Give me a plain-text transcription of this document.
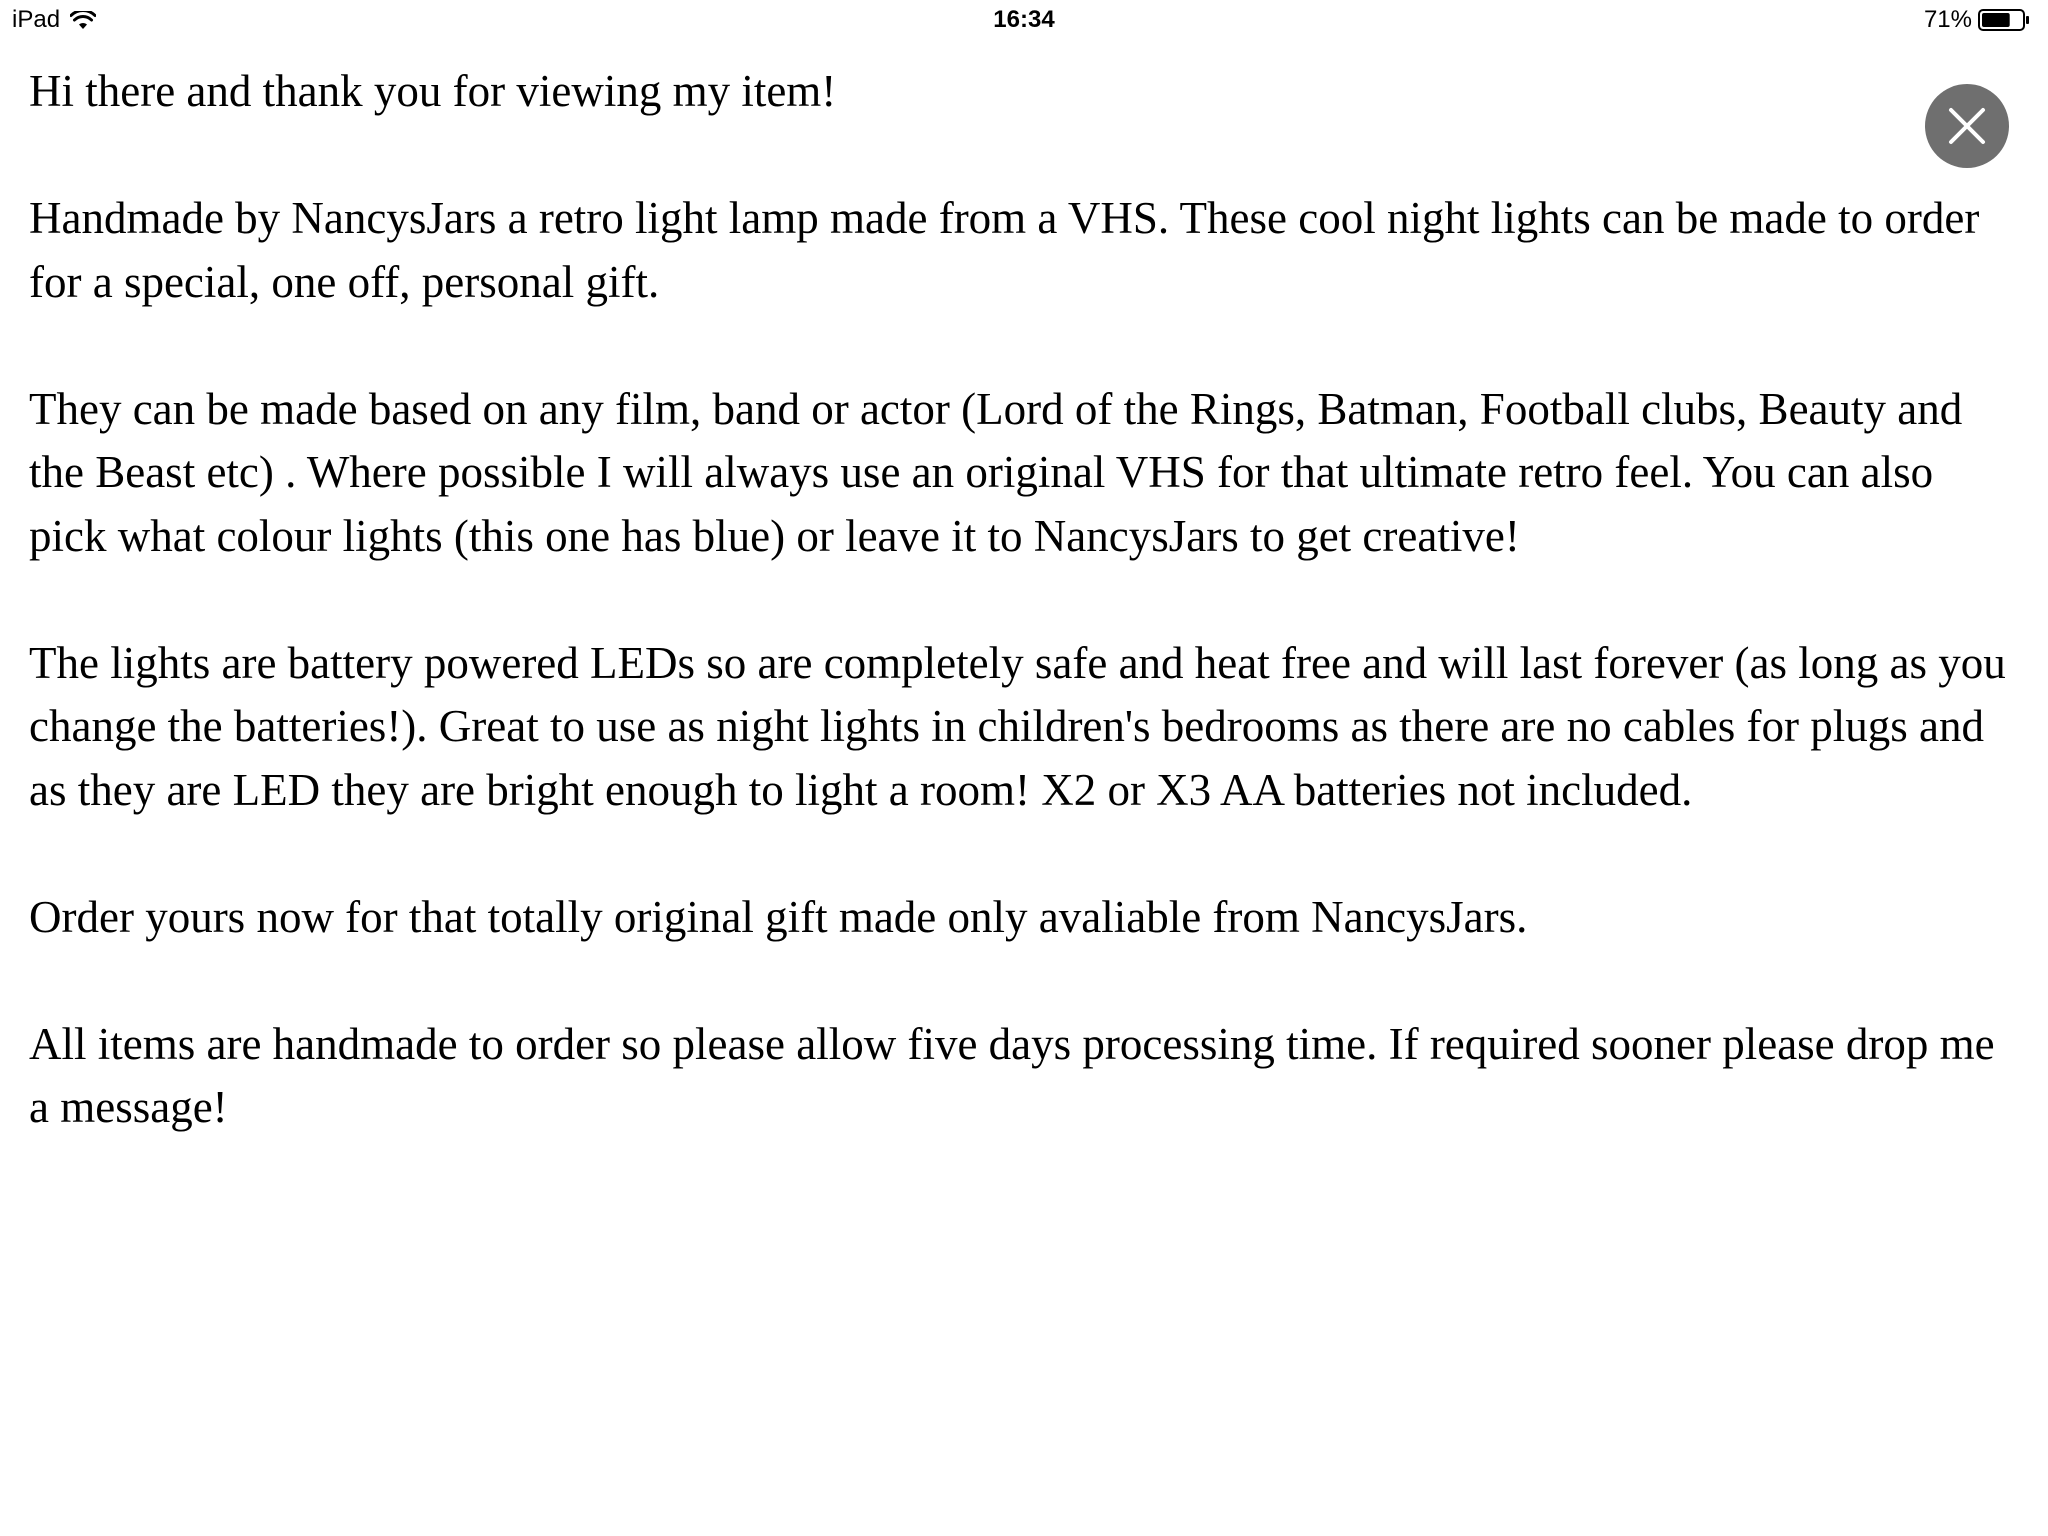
iPad	16:34	71%

Hi there and thank you for viewing my item!

Handmade by NancysJars a retro light lamp made from a VHS. These cool night lights can be made to order for a special, one off, personal gift.

They can be made based on any film, band or actor (Lord of the Rings, Batman, Football clubs, Beauty and the Beast etc) . Where possible I will always use an original VHS for that ultimate retro feel. You can also pick what colour lights (this one has blue) or leave it to NancysJars to get creative!

The lights are battery powered LEDs so are completely safe and heat free and will last forever (as long as you change the batteries!). Great to use as night lights in children's bedrooms as there are no cables for plugs and as they are LED they are bright enough to light a room! X2 or X3 AA batteries not included.

Order yours now for that totally original gift made only avaliable from NancysJars.

All items are handmade to order so please allow five days processing time. If required sooner please drop me a message!
